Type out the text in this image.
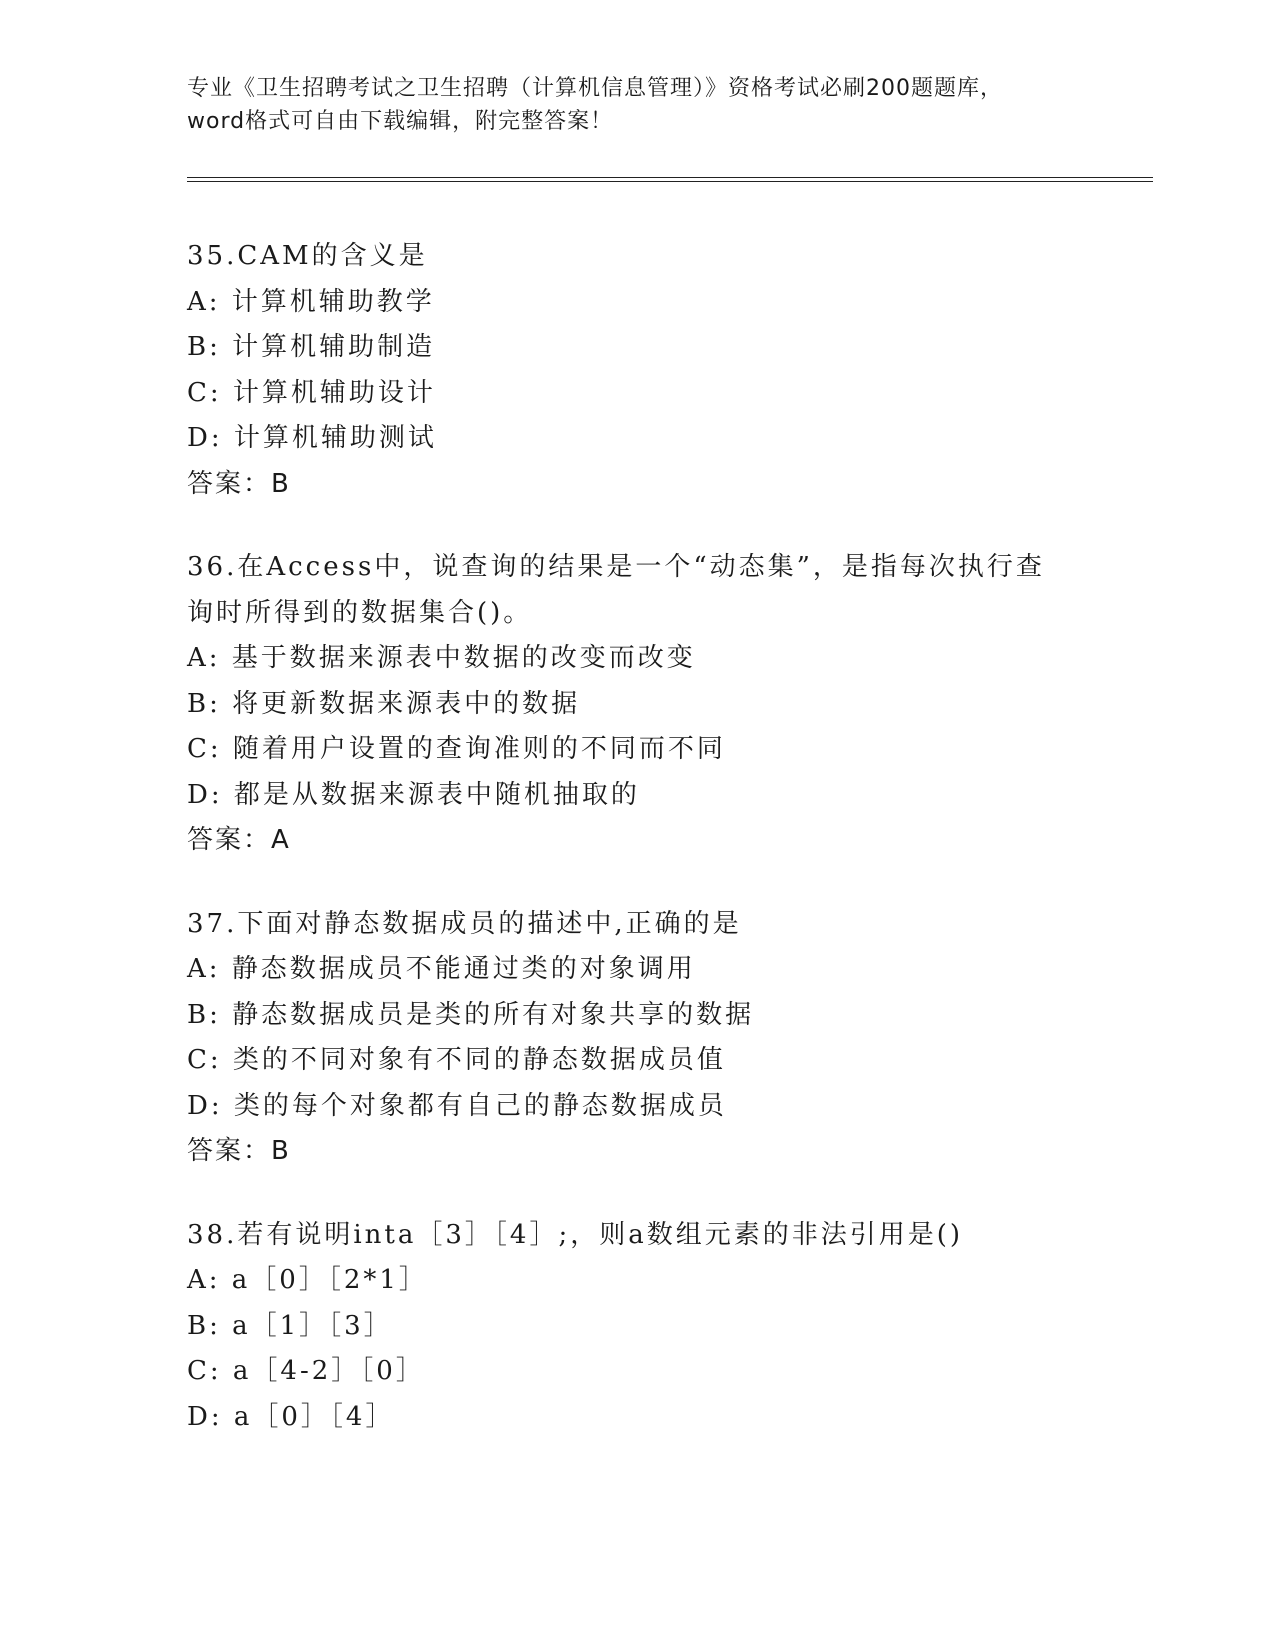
专业《卫生招聘考试之卫生招聘（计算机信息管理）》资格考试必刷200题题库，
word格式可自由下载编辑，附完整答案！
35.CAM的含义是
A: 计算机辅助教学
B: 计算机辅助制造
C: 计算机辅助设计
D: 计算机辅助测试
答案：B
36.在Access中，说查询的结果是一个“动态集”，是指每次执行查
询时所得到的数据集合()。
A: 基于数据来源表中数据的改变而改变
B: 将更新数据来源表中的数据
C: 随着用户设置的查询准则的不同而不同
D: 都是从数据来源表中随机抽取的
答案：A
37.下面对静态数据成员的描述中,正确的是
A: 静态数据成员不能通过类的对象调用
B: 静态数据成员是类的所有对象共享的数据
C: 类的不同对象有不同的静态数据成员值
D: 类的每个对象都有自己的静态数据成员
答案：B
38.若有说明inta［3］［4］;，则a数组元素的非法引用是()
A: a［0］［2*1］
B: a［1］［3］
C: a［4-2］［0］
D: a［0］［4］
